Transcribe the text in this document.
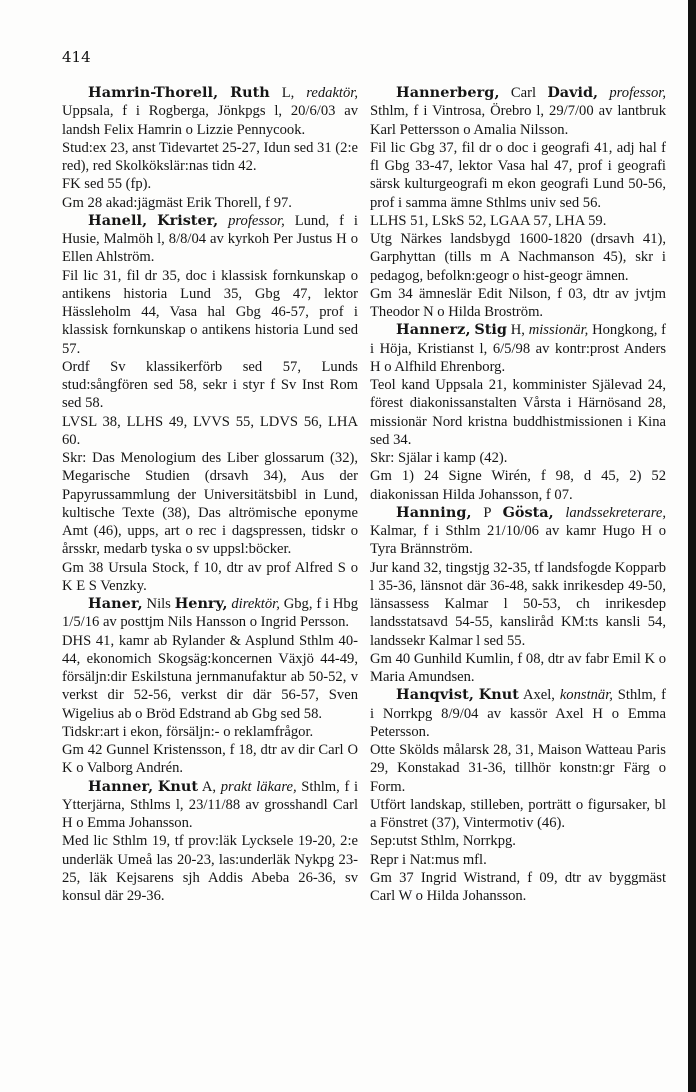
414

Hamrin-Thorell, Ruth L, redaktör, Uppsala, f i Rogberga, Jönkpgs l, 20/6/03 av landsh Felix Hamrin o Lizzie Pennycook.

Stud:ex 23, anst Tidevartet 25-27, Idun sed 31 (2:e red), red Skolkökslär:nas tidn 42.

FK sed 55 (fp).

Gm 28 akad:jägmäst Erik Thorell, f 97.

Hanell, Krister, professor, Lund, f i Husie, Malmöh l, 8/8/04 av kyrkoh Per Justus H o Ellen Ahlström.

Fil lic 31, fil dr 35, doc i klassisk fornkunskap o antikens historia Lund 35, Gbg 47, lektor Hässleholm 44, Vasa hal Gbg 46-57, prof i klassisk fornkunskap o antikens historia Lund sed 57.

Ordf Sv klassikerförb sed 57, Lunds stud:sångfören sed 58, sekr i styr f Sv Inst Rom sed 58.

LVSL 38, LLHS 49, LVVS 55, LDVS 56, LHA 60.

Skr: Das Menologium des Liber glossarum (32), Megarische Studien (drsavh 34), Aus der Papyrussammlung der Universitätsbibl in Lund, kultische Texte (38), Das altrömische eponyme Amt (46), upps, art o rec i dagspressen, tidskr o årsskr, medarb tyska o sv uppsl:böcker.

Gm 38 Ursula Stock, f 10, dtr av prof Alfred S o K E S Venzky.

Haner, Nils Henry, direktör, Gbg, f i Hbg 1/5/16 av posttjm Nils Hansson o Ingrid Persson.

DHS 41, kamr ab Rylander & Asplund Sthlm 40-44, ekonomich Skogsäg:koncernen Växjö 44-49, försäljn:dir Eskilstuna jernmanufaktur ab 50-52, v verkst dir 52-56, verkst dir där 56-57, Sven Wigelius ab o Bröd Edstrand ab Gbg sed 58.

Tidskr:art i ekon, försäljn:- o reklamfrågor.

Gm 42 Gunnel Kristensson, f 18, dtr av dir Carl O K o Valborg Andrén.

Hanner, Knut A, prakt läkare, Sthlm, f i Ytterjärna, Sthlms l, 23/11/88 av grosshandl Carl H o Emma Johansson.

Med lic Sthlm 19, tf prov:läk Lycksele 19-20, 2:e underläk Umeå las 20-23, las:underläk Nykpg 23-25, läk Kejsarens sjh Addis Abeba 26-36, sv konsul där 29-36.

Hannerberg, Carl David, professor, Sthlm, f i Vintrosa, Örebro l, 29/7/00 av lantbruk Karl Pettersson o Amalia Nilsson.

Fil lic Gbg 37, fil dr o doc i geografi 41, adj hal f fl Gbg 33-47, lektor Vasa hal 47, prof i geografi särsk kulturgeografi m ekon geografi Lund 50-56, prof i samma ämne Sthlms univ sed 56.

LLHS 51, LSkS 52, LGAA 57, LHA 59.

Utg Närkes landsbygd 1600-1820 (drsavh 41), Garphyttan (tills m A Nachmanson 45), skr i pedagog, befolkn:geogr o hist-geogr ämnen.

Gm 34 ämneslär Edit Nilson, f 03, dtr av jvtjm Theodor N o Hilda Broström.

Hannerz, Stig H, missionär, Hongkong, f i Höja, Kristianst l, 6/5/98 av kontr:prost Anders H o Alfhild Ehrenborg.

Teol kand Uppsala 21, komminister Själevad 24, förest diakonissanstalten Vårsta i Härnösand 28, missionär Nord kristna buddhistmissionen i Kina sed 34.

Skr: Själar i kamp (42).

Gm 1) 24 Signe Wirén, f 98, d 45, 2) 52 diakonissan Hilda Johansson, f 07.

Hanning, P Gösta, landssekreterare, Kalmar, f i Sthlm 21/10/06 av kamr Hugo H o Tyra Brännström.

Jur kand 32, tingstjg 32-35, tf landsfogde Kopparb l 35-36, länsnot där 36-48, sakk inrikesdep 49-50, länsassess Kalmar l 50-53, ch inrikesdep landsstatsavd 54-55, kansliråd KM:ts kansli 54, landssekr Kalmar l sed 55.

Gm 40 Gunhild Kumlin, f 08, dtr av fabr Emil K o Maria Amundsen.

Hanqvist, Knut Axel, konstnär, Sthlm, f i Norrkpg 8/9/04 av kassör Axel H o Emma Petersson.

Otte Skölds målarsk 28, 31, Maison Watteau Paris 29, Konstakad 31-36, tillhör konstn:gr Färg o Form.

Utfört landskap, stilleben, porträtt o figursaker, bl a Fönstret (37), Vintermotiv (46).

Sep:utst Sthlm, Norrkpg.

Repr i Nat:mus mfl.

Gm 37 Ingrid Wistrand, f 09, dtr av byggmäst Carl W o Hilda Johansson.
